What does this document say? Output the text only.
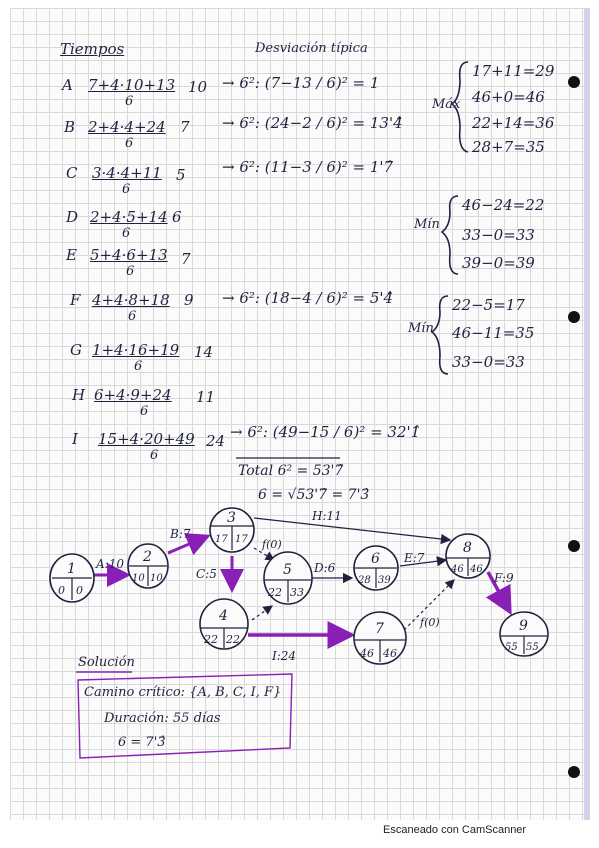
Tiempos	Desviación típica
A 7+4·10+13
6
10
B 2+4·4+24
6
7
C 3·4·4+11
6
5
D 2+4·5+14
6
6
E 5+4·6+13
6
7
F 4+4·8+18
6
9
G 1+4·16+19
6
14
H 6+4·9+24
6
11
I 15+4·20+49
6
24
→ 6²: (7−13 / 6)² = 1
→ 6²: (24−2 / 6)² = 13'4̂
→ 6²: (11−3 / 6)² = 1'7̂
→ 6²: (18−4 / 6)² = 5'4̂
→ 6²: (49−15 / 6)² = 32'1̂
Total 6² = 53'7̂
6 = √53'7̂ = 7'3̂
Máx
17+11=29
46+0=46
22+14=36
28+7=35
Mín
46−24=22
33−0=33
39−0=39
Mín
22−5=17
46−11=35
33−0=33
A:10
B:7
C:5	D:6
E:7
F:9
H:11
I:24
f(0)
f(0)
1
0 0
2
10 10
3
17 17
4
22 22
5
22 33
6
28 39
7
46 46
8
46 46
9
55 55
Solución
Camino crítico: {A, B, C, I, F}
Duración: 55 días
6 = 7'3̂
Escaneado con CamScanner
